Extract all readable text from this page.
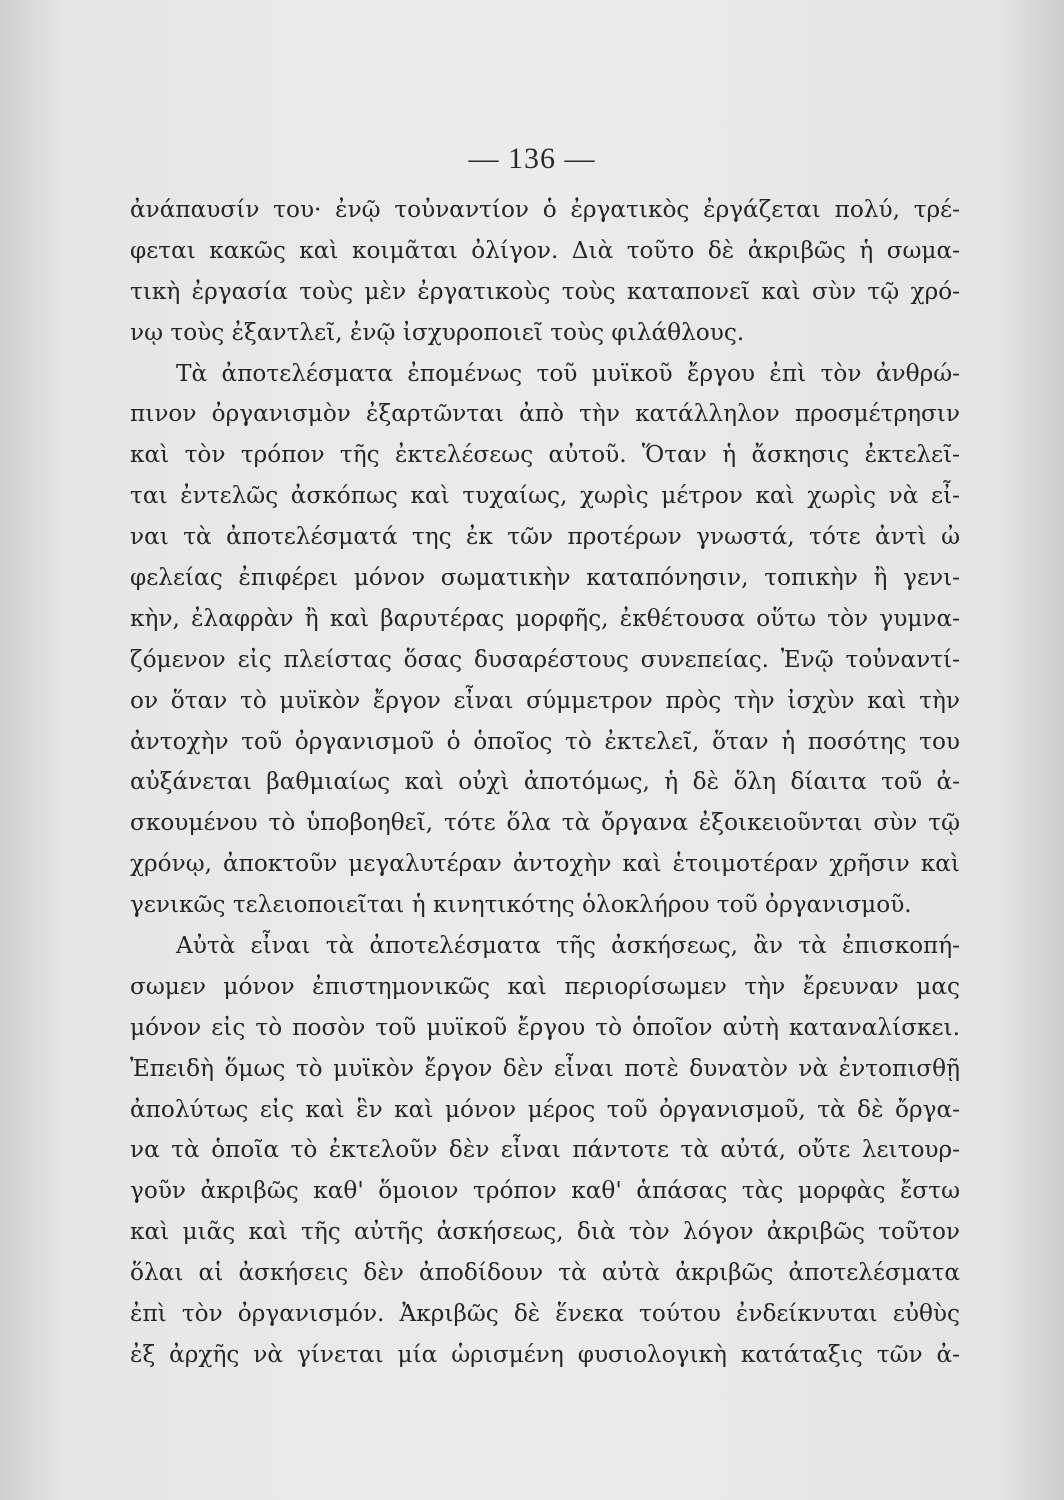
— 136 —

ἀνάπαυσίν του· ἐνῷ τοὐναντίον ὁ ἐργατικὸς ἐργάζεται πολύ, τρέ-
φεται κακῶς καὶ κοιμᾶται ὀλίγον. Διὰ τοῦτο δὲ ἀκριβῶς ἡ σωμα-
τικὴ ἐργασία τοὺς μὲν ἐργατικοὺς τοὺς καταπονεῖ καὶ σὺν τῷ χρό-
νῳ τοὺς ἐξαντλεῖ, ἐνῷ ἰσχυροποιεῖ τοὺς φιλάθλους.
Τὰ ἀποτελέσματα ἐπομένως τοῦ μυϊκοῦ ἔργου ἐπὶ τὸν ἀνθρώ-
πινον ὀργανισμὸν ἐξαρτῶνται ἀπὸ τὴν κατάλληλον προσμέτρησιν
καὶ τὸν τρόπον τῆς ἐκτελέσεως αὐτοῦ. Ὅταν ἡ ἄσκησις ἐκτελεῖ-
ται ἐντελῶς ἀσκόπως καὶ τυχαίως, χωρὶς μέτρον καὶ χωρὶς νὰ εἶ-
ναι τὰ ἀποτελέσματά της ἐκ τῶν προτέρων γνωστά, τότε ἀντὶ ὠ
φελείας ἐπιφέρει μόνον σωματικὴν καταπόνησιν, τοπικὴν ἢ γενι-
κὴν, ἐλαφρὰν ἢ καὶ βαρυτέρας μορφῆς, ἐκθέτουσα οὕτω τὸν γυμνα-
ζόμενον εἰς πλείστας ὅσας δυσαρέστους συνεπείας. Ἐνῷ τοὐναντί-
ον ὅταν τὸ μυϊκὸν ἔργον εἶναι σύμμετρον πρὸς τὴν ἰσχὺν καὶ τὴν
ἀντοχὴν τοῦ ὀργανισμοῦ ὁ ὁποῖος τὸ ἐκτελεῖ, ὅταν ἡ ποσότης του
αὐξάνεται βαθμιαίως καὶ οὐχὶ ἀποτόμως, ἡ δὲ ὅλη δίαιτα τοῦ ἀ-
σκουμένου τὸ ὑποβοηθεῖ, τότε ὅλα τὰ ὄργανα ἐξοικειοῦνται σὺν τῷ
χρόνῳ, ἀποκτοῦν μεγαλυτέραν ἀντοχὴν καὶ ἑτοιμοτέραν χρῆσιν καὶ
γενικῶς τελειοποιεῖται ἡ κινητικότης ὁλοκλήρου τοῦ ὀργανισμοῦ.
Αὐτὰ εἶναι τὰ ἀποτελέσματα τῆς ἀσκήσεως, ἂν τὰ ἐπισκοπή-
σωμεν μόνον ἐπιστημονικῶς καὶ περιορίσωμεν τὴν ἔρευναν μας
μόνον εἰς τὸ ποσὸν τοῦ μυϊκοῦ ἔργου τὸ ὁποῖον αὐτὴ καταναλίσκει.
Ἐπειδὴ ὅμως τὸ μυϊκὸν ἔργον δὲν εἶναι ποτὲ δυνατὸν νὰ ἐντοπισθῇ
ἀπολύτως εἰς καὶ ἓν καὶ μόνον μέρος τοῦ ὀργανισμοῦ, τὰ δὲ ὄργα-
να τὰ ὁποῖα τὸ ἐκτελοῦν δὲν εἶναι πάντοτε τὰ αὐτά, οὔτε λειτουρ-
γοῦν ἀκριβῶς καθ' ὅμοιον τρόπον καθ' ἁπάσας τὰς μορφὰς ἔστω
καὶ μιᾶς καὶ τῆς αὐτῆς ἀσκήσεως, διὰ τὸν λόγον ἀκριβῶς τοῦτον
ὅλαι αἱ ἀσκήσεις δὲν ἀποδίδουν τὰ αὐτὰ ἀκριβῶς ἀποτελέσματα
ἐπὶ τὸν ὀργανισμόν. Ἀκριβῶς δὲ ἕνεκα τούτου ἐνδείκνυται εὐθὺς
ἐξ ἀρχῆς νὰ γίνεται μία ὡρισμένη φυσιολογικὴ κατάταξις τῶν ἀ-
